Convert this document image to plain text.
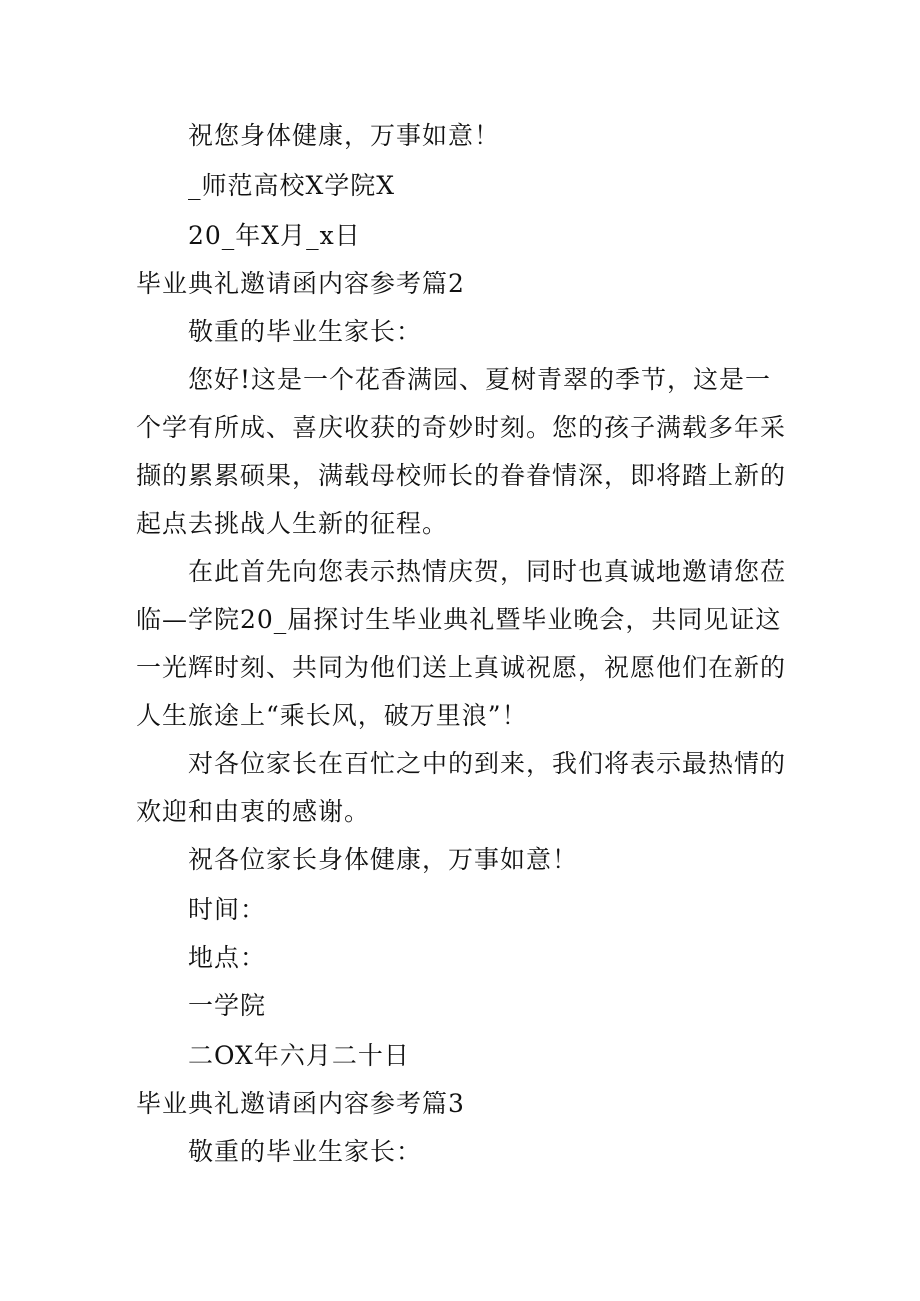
祝您身体健康，万事如意！
_师范高校X学院X
20_年X月_x日
毕业典礼邀请函内容参考篇2
敬重的毕业生家长：
您好!这是一个花香满园、夏树青翠的季节，这是一
个学有所成、喜庆收获的奇妙时刻。您的孩子满载多年采
撷的累累硕果，满载母校师长的眷眷情深，即将踏上新的
起点去挑战人生新的征程。
在此首先向您表示热情庆贺，同时也真诚地邀请您莅
临—学院20_届探讨生毕业典礼暨毕业晚会，共同见证这
一光辉时刻、共同为他们送上真诚祝愿，祝愿他们在新的
人生旅途上“乘长风，破万里浪”！
对各位家长在百忙之中的到来，我们将表示最热情的
欢迎和由衷的感谢。
祝各位家长身体健康，万事如意！
时间：
地点：
一学院
二OX年六月二十日
毕业典礼邀请函内容参考篇3
敬重的毕业生家长：
